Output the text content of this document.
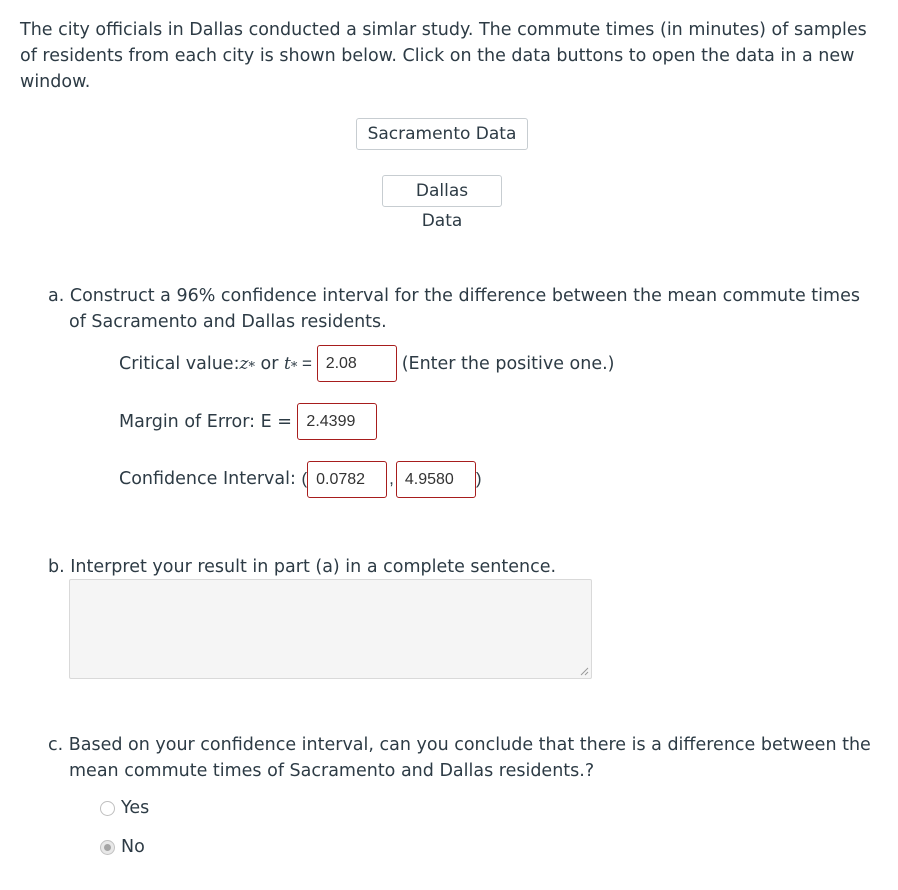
The city officials in Dallas conducted a simlar study. The commute times (in minutes) of samples
of residents from each city is shown below. Click on the data buttons to open the data in a new
window.

Sacramento Data
Dallas Data

a. Construct a 96% confidence interval for the difference between the mean commute times
of Sacramento and Dallas residents.

Critical value: z * or t * = 2.08	(Enter the positive one.)
Margin of Error: E = 2.4399
Confidence Interval: ( 0.0782	, 4.9580	)

b. Interpret your result in part (a) in a complete sentence.

c. Based on your confidence interval, can you conclude that there is a difference between the
mean commute times of Sacramento and Dallas residents.?

Yes
No
